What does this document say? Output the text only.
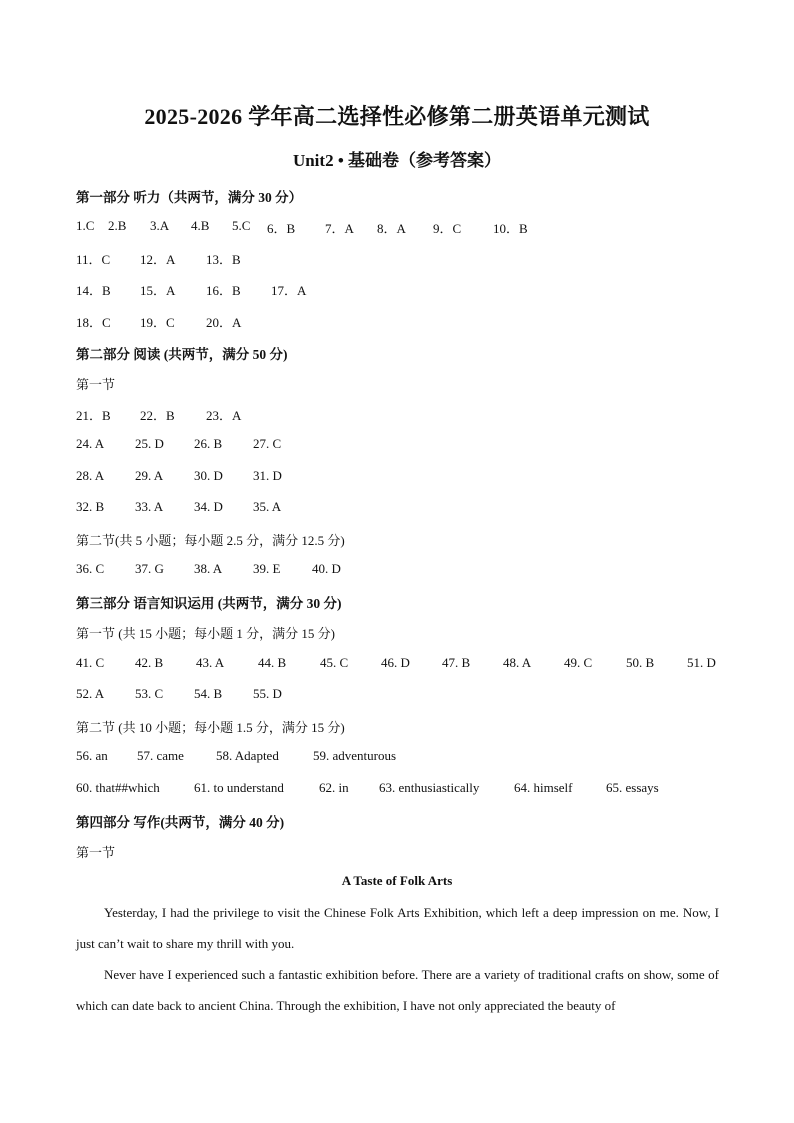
2025-2026 学年高二选择性必修第二册英语单元测试
Unit2 • 基础卷（参考答案）
第一部分 听力（共两节，满分 30 分）
1.C 2.B 3.A 4.B 5.C 6．B 7．A 8．A 9．C 10．B
11．C 12．A 13．B
14．B 15．A 16．B 17．A
18．C 19．C 20．A
第二部分 阅读 (共两节，满分 50 分)
第一节
21．B 22．B 23．A
24. A 25. D 26. B 27. C
28. A 29. A 30. D 31. D
32. B 33. A 34. D 35. A
第二节(共 5 小题；每小题 2.5 分，满分 12.5 分)
36. C 37. G 38. A 39. E 40. D
第三部分 语言知识运用 (共两节，满分 30 分)
第一节 (共 15 小题；每小题 1 分，满分 15 分)
41. C 42. B	43. A	44. B	45. C	46. D 47. B	48. A	49. C	50. B	51. D
52. A 53. C 54. B 55. D
第二节 (共 10 小题；每小题 1.5 分，满分 15 分)
56. an 57. came 58. Adapted	59. adventurous
60. that##which	61. to understand	62. in 63. enthusiastically	64. himself	65. essays
第四部分 写作(共两节，满分 40 分)
第一节
A Taste of Folk Arts
Yesterday, I had the privilege to visit the Chinese Folk Arts Exhibition, which left a deep impression on me. Now, I just can’t wait to share my thrill with you.
Never have I experienced such a fantastic exhibition before. There are a variety of traditional crafts on show, some of which can date back to ancient China. Through the exhibition, I have not only appreciated the beauty of
